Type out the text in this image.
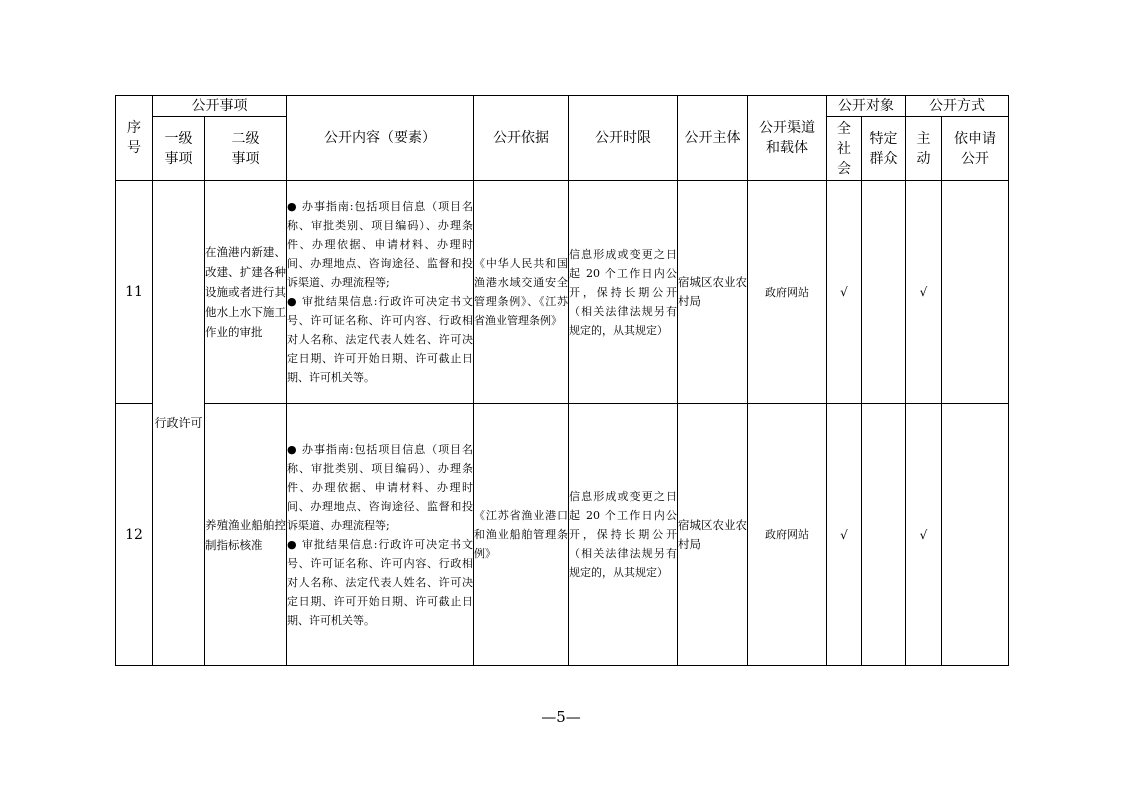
序号	公开事项		公开内容（要素）	公开依据	公开时限	公开主体	公开渠道和载体	公开对象		公开方式	
	一级事项	二级事项						全社会	特定群众	主动	依申请公开
11	行政许可	在渔港内新建、改建、扩建各种设施或者进行其他水上水下施工作业的审批	● 办事指南:包括项目信息（项目名称、审批类别、项目编码）、办理条件、办理依据、申请材料、办理时间、办理地点、咨询途径、监督和投诉渠道、办理流程等;
● 审批结果信息:行政许可决定书文号、许可证名称、许可内容、行政相对人名称、法定代表人姓名、许可决定日期、许可开始日期、许可截止日期、许可机关等。	《中华人民共和国渔港水域交通安全管理条例》、《江苏省渔业管理条例》	信息形成或变更之日起 20 个工作日内公开，保持长期公开（相关法律法规另有规定的，从其规定）	宿城区农业农村局	政府网站	√		√	
12		养殖渔业船舶控制指标核准	● 办事指南:包括项目信息（项目名称、审批类别、项目编码）、办理条件、办理依据、申请材料、办理时间、办理地点、咨询途径、监督和投诉渠道、办理流程等;
● 审批结果信息:行政许可决定书文号、许可证名称、许可内容、行政相对人名称、法定代表人姓名、许可决定日期、许可开始日期、许可截止日期、许可机关等。	《江苏省渔业港口和渔业船舶管理条例》	信息形成或变更之日起 20 个工作日内公开，保持长期公开（相关法律法规另有规定的，从其规定）	宿城区农业农村局	政府网站	√		√	
—5—
